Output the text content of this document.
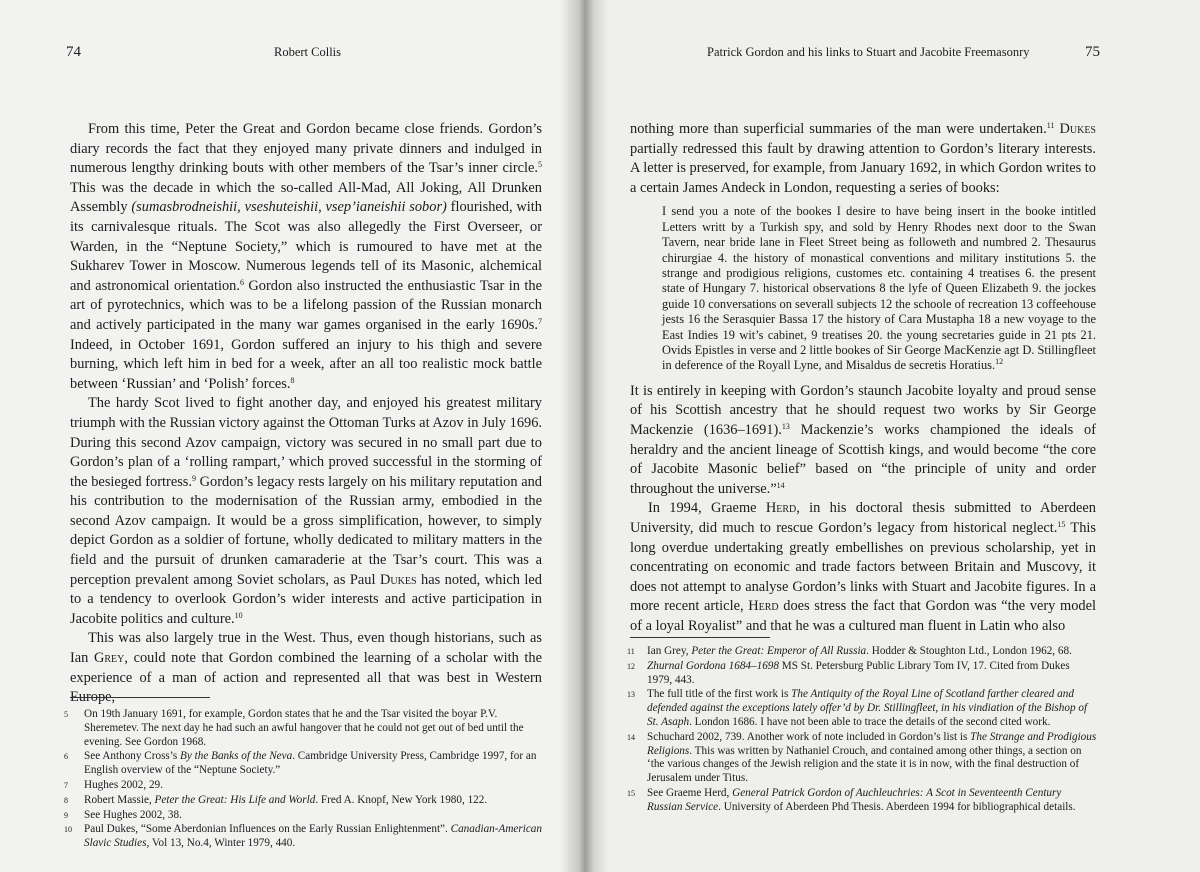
74	Robert Collis

From this time, Peter the Great and Gordon became close friends. Gordon’s diary records the fact that they enjoyed many private dinners and indulged in numerous lengthy drinking bouts with other members of the Tsar’s inner circle.$^5$ This was the decade in which the so-called All-Mad, All Joking, All Drunken Assembly (sumasbrodneishii, vseshuteishii, vsep’ianeishii sobor) flourished, with its carnivalesque rituals. The Scot was also allegedly the First Overseer, or Warden, in the “Neptune Society,” which is rumoured to have met at the Sukharev Tower in Moscow. Numerous legends tell of its Masonic, alchemical and astronomical orientation.$^6$ Gordon also instructed the enthusiastic Tsar in the art of pyrotechnics, which was to be a lifelong passion of the Russian monarch and actively participated in the many war games organised in the early 1690s.$^7$ Indeed, in October 1691, Gordon suffered an injury to his thigh and severe burning, which left him in bed for a week, after an all too realistic mock battle between ‘Russian’ and ‘Polish’ forces.$^8$

The hardy Scot lived to fight another day, and enjoyed his greatest military triumph with the Russian victory against the Ottoman Turks at Azov in July 1696. During this second Azov campaign, victory was secured in no small part due to Gordon’s plan of a ‘rolling rampart,’ which proved successful in the storming of the besieged fortress.$^9$ Gordon’s legacy rests largely on his military reputation and his contribution to the modernisation of the Russian army, embodied in the second Azov campaign. It would be a gross simplification, however, to simply depict Gordon as a soldier of fortune, wholly dedicated to military matters in the field and the pursuit of drunken camaraderie at the Tsar’s court. This was a perception prevalent among Soviet scholars, as Paul Dukes has noted, which led to a tendency to overlook Gordon’s wider interests and active participation in Jacobite politics and culture.$^{10}$

This was also largely true in the West. Thus, even though historians, such as Ian Grey, could note that Gordon combined the learning of a scholar with the experience of a man of action and represented all that was best in Western Europe,

5 On 19th January 1691, for example, Gordon states that he and the Tsar visited the boyar P.V. Sheremetev. The next day he had such an awful hangover that he could not get out of bed until the evening. See Gordon 1968.
6 See Anthony Cross’s By the Banks of the Neva. Cambridge University Press, Cambridge 1997, for an English overview of the “Neptune Society.”
7 Hughes 2002, 29.
8 Robert Massie, Peter the Great: His Life and World. Fred A. Knopf, New York 1980, 122.
9 See Hughes 2002, 38.
10 Paul Dukes, “Some Aberdonian Influences on the Early Russian Enlightenment”. Canadian-American Slavic Studies, Vol 13, No.4, Winter 1979, 440.
Patrick Gordon and his links to Stuart and Jacobite Freemasonry	75

nothing more than superficial summaries of the man were undertaken.$^{11}$ Dukes partially redressed this fault by drawing attention to Gordon’s literary interests. A letter is preserved, for example, from January 1692, in which Gordon writes to a certain James Andeck in London, requesting a series of books:

I send you a note of the bookes I desire to have being insert in the booke intitled Letters writt by a Turkish spy, and sold by Henry Rhodes next door to the Swan Tavern, near bride lane in Fleet Street being as followeth and numbred 2. Thesaurus chirurgiae 4. the history of monastical conventions and military institutions 5. the strange and prodigious religions, customes etc. containing 4 treatises 6. the present state of Hungary 7. historical observations 8 the lyfe of Queen Elizabeth 9. the jockes guide 10 conversations on severall subjects 12 the schoole of recreation 13 coffeehouse jests 16 the Serasquier Bassa 17 the history of Cara Mustapha 18 a new voyage to the East Indies 19 wit’s cabinet, 9 treatises 20. the young secretaries guide in 21 pts 21. Ovids Epistles in verse and 2 little bookes of Sir George MacKenzie agt D. Stillingfleet in deference of the Royall Lyne, and Misaldus de secretis Horatius.$^{12}$

It is entirely in keeping with Gordon’s staunch Jacobite loyalty and proud sense of his Scottish ancestry that he should request two works by Sir George Mackenzie (1636–1691).$^{13}$ Mackenzie’s works championed the ideals of heraldry and the ancient lineage of Scottish kings, and would become “the core of Jacobite Masonic belief” based on “the principle of unity and order throughout the universe.”$^{14}$

In 1994, Graeme Herd, in his doctoral thesis submitted to Aberdeen University, did much to rescue Gordon’s legacy from historical neglect.$^{15}$ This long overdue undertaking greatly embellishes on previous scholarship, yet in concentrating on economic and trade factors between Britain and Muscovy, it does not attempt to analyse Gordon’s links with Stuart and Jacobite figures. In a more recent article, Herd does stress the fact that Gordon was “the very model of a loyal Royalist” and that he was a cultured man fluent in Latin who also

11 Ian Grey, Peter the Great: Emperor of All Russia. Hodder & Stoughton Ltd., London 1962, 68.
12 Zhurnal Gordona 1684–1698 MS St. Petersburg Public Library Tom IV, 17. Cited from Dukes 1979, 443.
13 The full title of the first work is The Antiquity of the Royal Line of Scotland farther cleared and defended against the exceptions lately offer’d by Dr. Stillingfleet, in his vindiation of the Bishop of St. Asaph. London 1686. I have not been able to trace the details of the second cited work.
14 Schuchard 2002, 739. Another work of note included in Gordon’s list is The Strange and Prodigious Religions. This was written by Nathaniel Crouch, and contained among other things, a section on ‘the various changes of the Jewish religion and the state it is in now, with the final destruction of Jerusalem under Titus.
15 See Graeme Herd, General Patrick Gordon of Auchleuchries: A Scot in Seventeenth Century Russian Service. University of Aberdeen Phd Thesis. Aberdeen 1994 for bibliographical details.
